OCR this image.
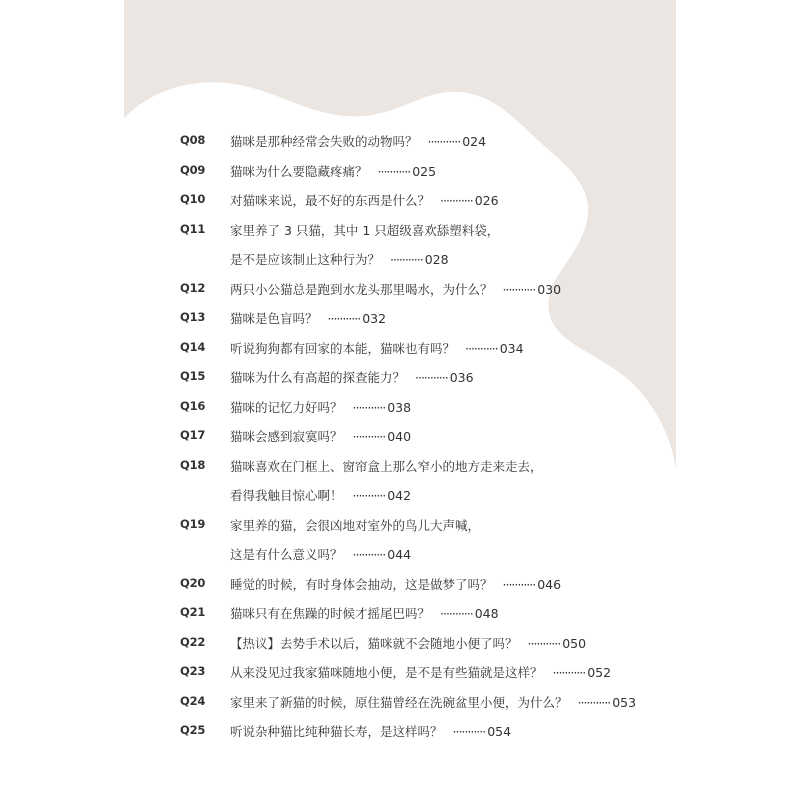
Q08 猫咪是那种经常会失败的动物吗？ ··········· 024
Q09 猫咪为什么要隐藏疼痛？ ··········· 025
Q10 对猫咪来说，最不好的东西是什么？ ··········· 026
Q11 家里养了 3 只猫，其中 1 只超级喜欢舔塑料袋，
是不是应该制止这种行为？ ··········· 028
Q12 两只小公猫总是跑到水龙头那里喝水，为什么？ ··········· 030
Q13 猫咪是色盲吗？ ··········· 032
Q14 听说狗狗都有回家的本能，猫咪也有吗？ ··········· 034
Q15 猫咪为什么有高超的探查能力？ ··········· 036
Q16 猫咪的记忆力好吗？ ··········· 038
Q17 猫咪会感到寂寞吗？ ··········· 040
Q18 猫咪喜欢在门框上、窗帘盒上那么窄小的地方走来走去，
看得我触目惊心啊！ ··········· 042
Q19 家里养的猫，会很凶地对室外的鸟儿大声喊，
这是有什么意义吗？ ··········· 044
Q20 睡觉的时候，有时身体会抽动，这是做梦了吗？ ··········· 046
Q21 猫咪只有在焦躁的时候才摇尾巴吗？ ··········· 048
Q22 【热议】去势手术以后，猫咪就不会随地小便了吗？ ··········· 050
Q23 从来没见过我家猫咪随地小便，是不是有些猫就是这样？ ··········· 052
Q24 家里来了新猫的时候，原住猫曾经在洗碗盆里小便，为什么？ ··········· 053
Q25 听说杂种猫比纯种猫长寿，是这样吗？ ··········· 054
